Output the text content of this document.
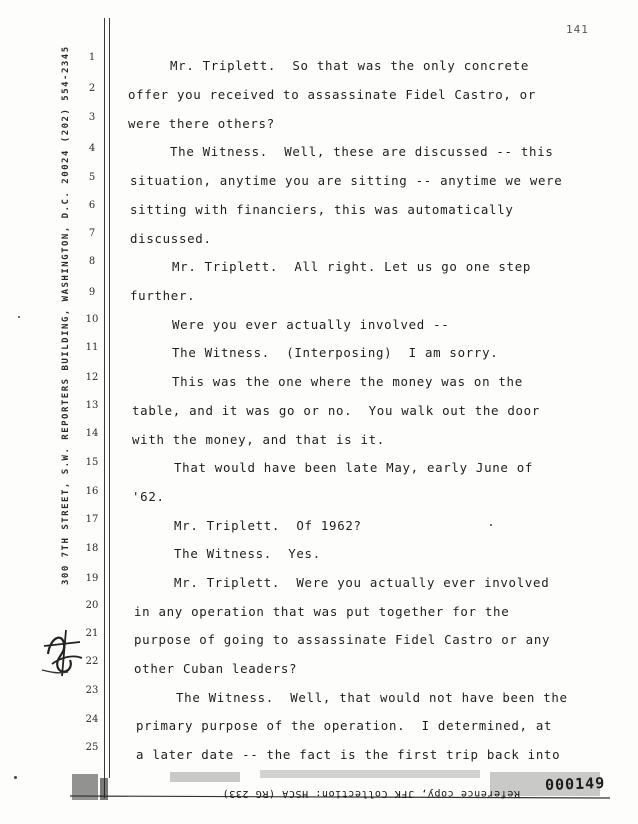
141
300 7TH STREET, S.W. REPORTERS BUILDING, WASHINGTON, D.C. 20024 (202) 554-2345	1
2
3
4
5
6
7
8
9
10
11
12
13
14
15
16
17
18
19
20
21
22
23
24
25
Mr. Triplett.  So that was the only concrete
offer you received to assassinate Fidel Castro, or
were there others?
The Witness.  Well, these are discussed -- this
situation, anytime you are sitting -- anytime we were
sitting with financiers, this was automatically
discussed.
Mr. Triplett.  All right. Let us go one step
further.
Were you ever actually involved --
The Witness.  (Interposing)  I am sorry.
This was the one where the money was on the
table, and it was go or no.  You walk out the door
with the money, and that is it.
That would have been late May, early June of
'62.
Mr. Triplett.  Of 1962?
The Witness.  Yes.
Mr. Triplett.  Were you actually ever involved
in any operation that was put together for the
purpose of going to assassinate Fidel Castro or any
other Cuban leaders?
The Witness.  Well, that would not have been the
primary purpose of the operation.  I determined, at
a later date -- the fact is the first trip back into
Reference copy, JFK Collection: HSCA (RG 233) 000149
